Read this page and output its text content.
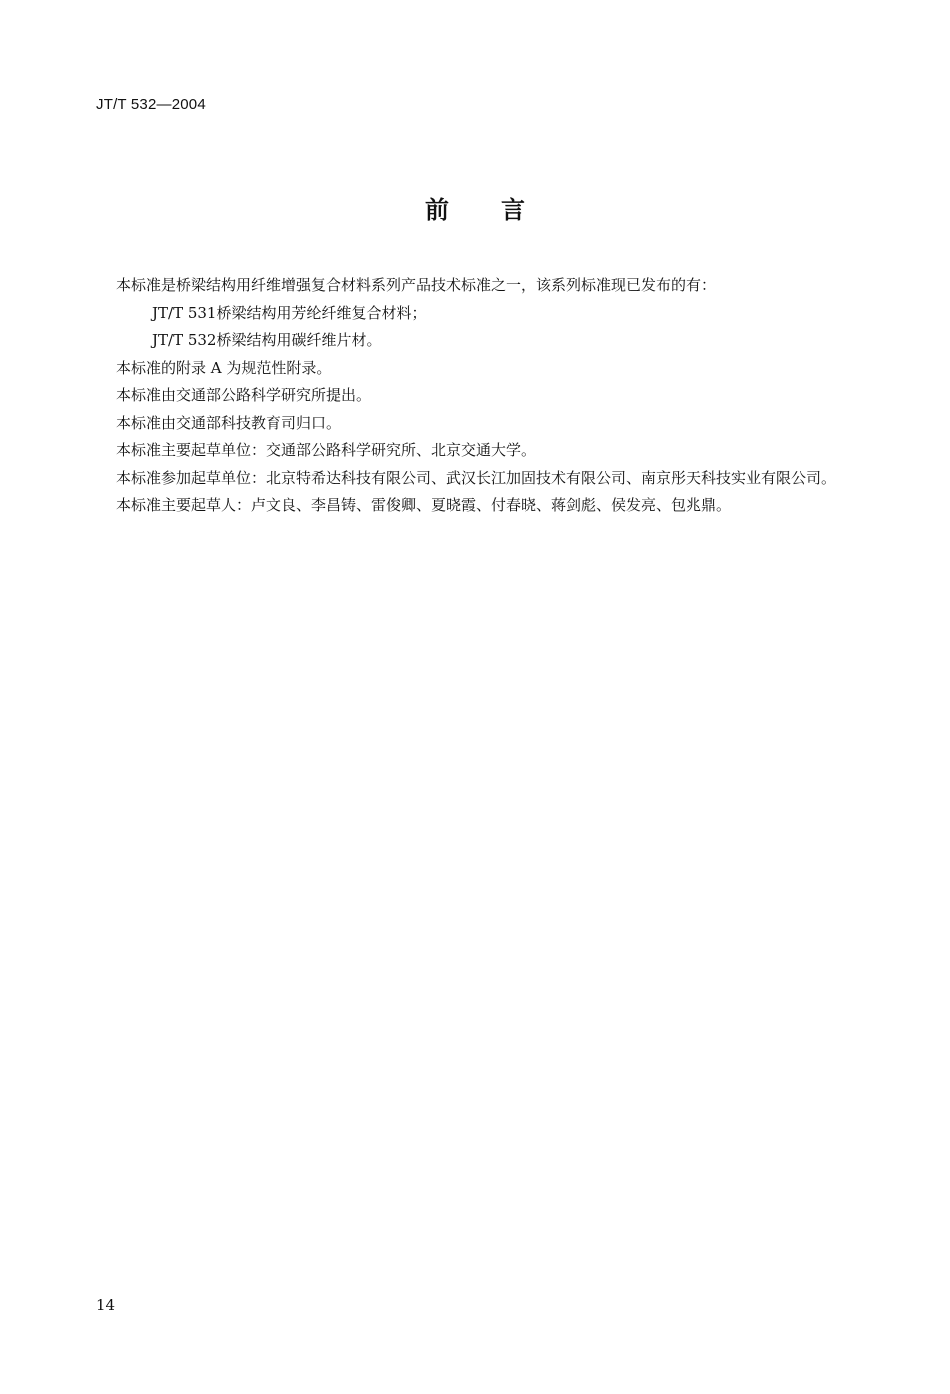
JT/T 532—2004
前言

本标准是桥梁结构用纤维增强复合材料系列产品技术标准之一，该系列标准现已发布的有：

JT/T 531桥梁结构用芳纶纤维复合材料；

JT/T 532桥梁结构用碳纤维片材。

本标准的附录 A 为规范性附录。

本标准由交通部公路科学研究所提出。

本标准由交通部科技教育司归口。

本标准主要起草单位：交通部公路科学研究所、北京交通大学。

本标准参加起草单位：北京特希达科技有限公司、武汉长江加固技术有限公司、南京彤天科技实业有限公司。

本标准主要起草人：卢文良、李昌铸、雷俊卿、夏晓霞、付春晓、蒋剑彪、侯发亮、包兆鼎。

14
